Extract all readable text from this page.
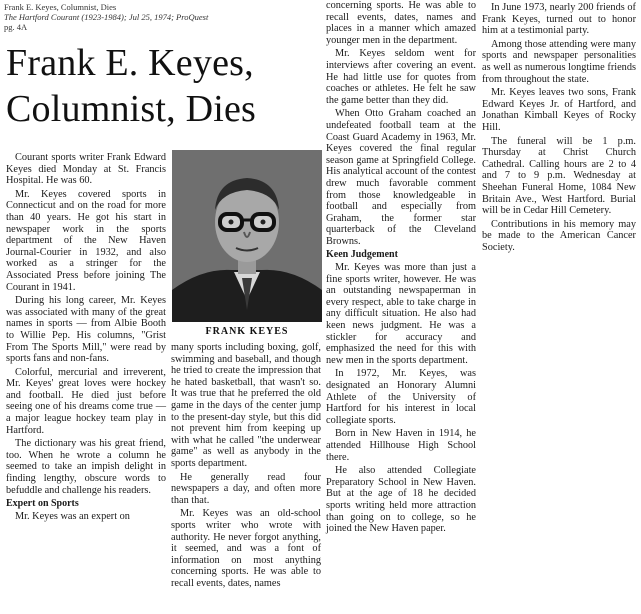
Frank E. Keyes, Columnist, Dies
The Hartford Courant (1923-1984); Jul 25, 1974; ProQuest
pg. 4A
Frank E. Keyes,
Columnist, Dies
FRANK KEYES

Courant sports writer Frank Edward Keyes died Monday at St. Francis Hospital. He was 60.

Mr. Keyes covered sports in Connecticut and on the road for more than 40 years. He got his start in newspaper work in the sports department of the New Haven Journal-Courier in 1932, and also worked as a stringer for the Associated Press before joining The Courant in 1941.

During his long career, Mr. Keyes was associated with many of the great names in sports — from Albie Booth to Willie Pep. His columns, "Grist From The Sports Mill," were read by sports fans and non-fans.

Colorful, mercurial and irreverent, Mr. Keyes' great loves were hockey and football. He died just before seeing one of his dreams come true — a major league hockey team play in Hartford.

The dictionary was his great friend, too. When he wrote a column he seemed to take an impish delight in finding lengthy, obscure words to befuddle and challenge his readers.

Expert on Sports

Mr. Keyes was an expert on

many sports including boxing, golf, swimming and baseball, and though he tried to create the impression that he hated basketball, that wasn't so. It was true that he preferred the old game in the days of the center jump to the present-day style, but this did not prevent him from keeping up with what he called "the underwear game" as well as anybody in the sports department.

He generally read four newspapers a day, and often more than that.

Mr. Keyes was an old-school sports writer who wrote with authority. He never forgot anything, it seemed, and was a font of information on most anything concerning sports. He was able to recall events, dates, names

concerning sports. He was able to recall events, dates, names and places in a manner which amazed younger men in the department.

Mr. Keyes seldom went for interviews after covering an event. He had little use for quotes from coaches or athletes. He felt he saw the game better than they did.

When Otto Graham coached an undefeated football team at the Coast Guard Academy in 1963, Mr. Keyes covered the final regular season game at Springfield College. His analytical account of the contest drew much favorable comment from those knowledgeable in football and especially from Graham, the former star quarterback of the Cleveland Browns.

Keen Judgement

Mr. Keyes was more than just a fine sports writer, however. He was an outstanding newspaperman in every respect, able to take charge in any difficult situation. He also had keen news judgment. He was a stickler for accuracy and emphasized the need for this with new men in the sports department.

In 1972, Mr. Keyes, was designated an Honorary Alumni Athlete of the University of Hartford for his interest in local collegiate sports.

Born in New Haven in 1914, he attended Hillhouse High School there.

He also attended Collegiate Preparatory School in New Haven. But at the age of 18 he decided sports writing held more attraction than going on to college, so he joined the New Haven paper.

In June 1973, nearly 200 friends of Frank Keyes, turned out to honor him at a testimonial party.

Among those attending were many sports and newspaper personalities as well as numerous longtime friends from throughout the state.

Mr. Keyes leaves two sons, Frank Edward Keyes Jr. of Hartford, and Jonathan Kimball Keyes of Rocky Hill.

The funeral will be 1 p.m. Thursday at Christ Church Cathedral. Calling hours are 2 to 4 and 7 to 9 p.m. Wednesday at Sheehan Funeral Home, 1084 New Britain Ave., West Hartford. Burial will be in Cedar Hill Cemetery.

Contributions in his memory may be made to the American Cancer Society.
